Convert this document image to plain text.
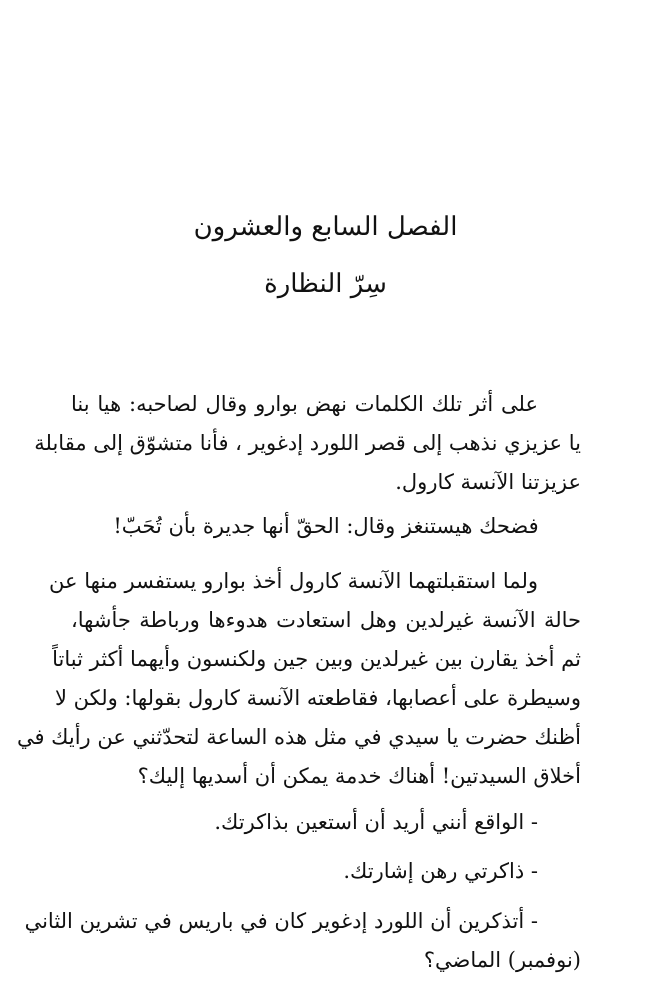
الفصل السابع والعشرون
سِرّ النظارة
على أثر تلك الكلمات نهض بوارو وقال لصاحبه: هيا بنا
يا عزيزي نذهب إلى قصر اللورد إدغوير ، فأنا متشوّق إلى مقابلة
عزيزتنا الآنسة كارول.
فضحك هيستنغز وقال: الحقّ أنها جديرة بأن تُحَبّ!
ولما استقبلتهما الآنسة كارول أخذ بوارو يستفسر منها عن
حالة الآنسة غيرلدين وهل استعادت هدوءها ورباطة جأشها،
ثم أخذ يقارن بين غيرلدين وبين جين ولكنسون وأيهما أكثر ثباتاً
وسيطرة على أعصابها، فقاطعته الآنسة كارول بقولها: ولكن لا
أظنك حضرت يا سيدي في مثل هذه الساعة لتحدّثني عن رأيك في
أخلاق السيدتين! أهناك خدمة يمكن أن أسديها إليك؟
- الواقع أنني أريد أن أستعين بذاكرتك.
- ذاكرتي رهن إشارتك.
- أتذكرين أن اللورد إدغوير كان في باريس في تشرين الثاني
(نوفمبر) الماضي؟
